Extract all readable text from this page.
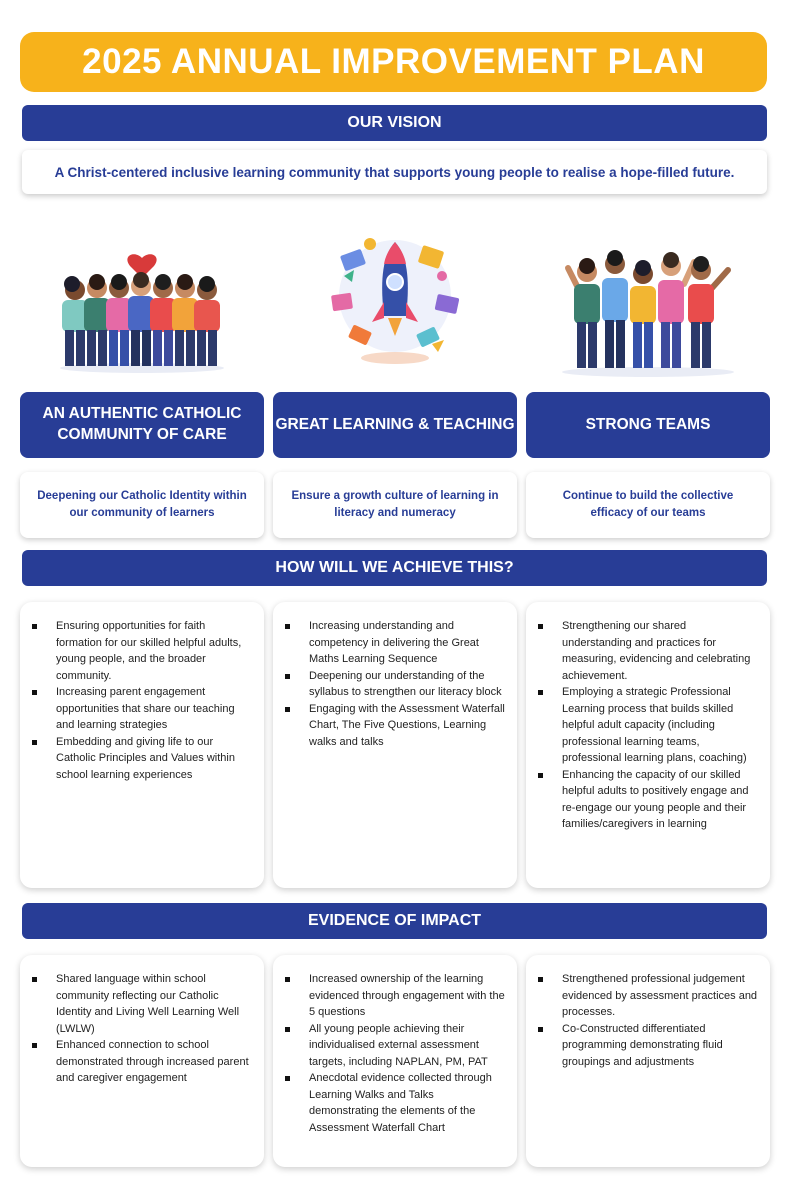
2025 ANNUAL IMPROVEMENT PLAN
OUR VISION
A Christ-centered inclusive learning community that supports young people to realise a hope-filled future.
AN AUTHENTIC CATHOLIC COMMUNITY OF CARE
GREAT LEARNING & TEACHING	STRONG TEAMS
Deepening our Catholic Identity within our community of learners
Ensure a growth culture of learning in literacy and numeracy
Continue to build the collective efficacy of our teams
HOW WILL WE ACHIEVE THIS?
Ensuring opportunities for faith formation for our skilled helpful adults, young people, and the broader community.
Increasing parent engagement opportunities that share our teaching and learning strategies
Embedding and giving life to our Catholic Principles and Values within school learning experiences
Increasing understanding and competency in delivering the Great Maths Learning Sequence
Deepening our understanding of the syllabus to strengthen our literacy block
Engaging with the Assessment Waterfall Chart, The Five Questions, Learning walks and talks
Strengthening our shared understanding and practices for measuring, evidencing and celebrating achievement.
Employing a strategic Professional Learning process that builds skilled helpful adult capacity (including professional learning teams, professional learning plans, coaching)
Enhancing the capacity of our skilled helpful adults to positively engage and re-engage our young people and their families/caregivers in learning
EVIDENCE OF IMPACT
Shared language within school community reflecting our Catholic Identity and Living Well Learning Well (LWLW)
Enhanced connection to school demonstrated through increased parent and caregiver engagement
Increased ownership of the learning evidenced through engagement with the 5 questions
All young people achieving their individualised external assessment targets, including NAPLAN, PM, PAT
Anecdotal evidence collected through Learning Walks and Talks demonstrating the elements of the Assessment Waterfall Chart
Strengthened professional judgement evidenced by assessment practices and processes.
Co-Constructed differentiated programming demonstrating fluid groupings and adjustments
